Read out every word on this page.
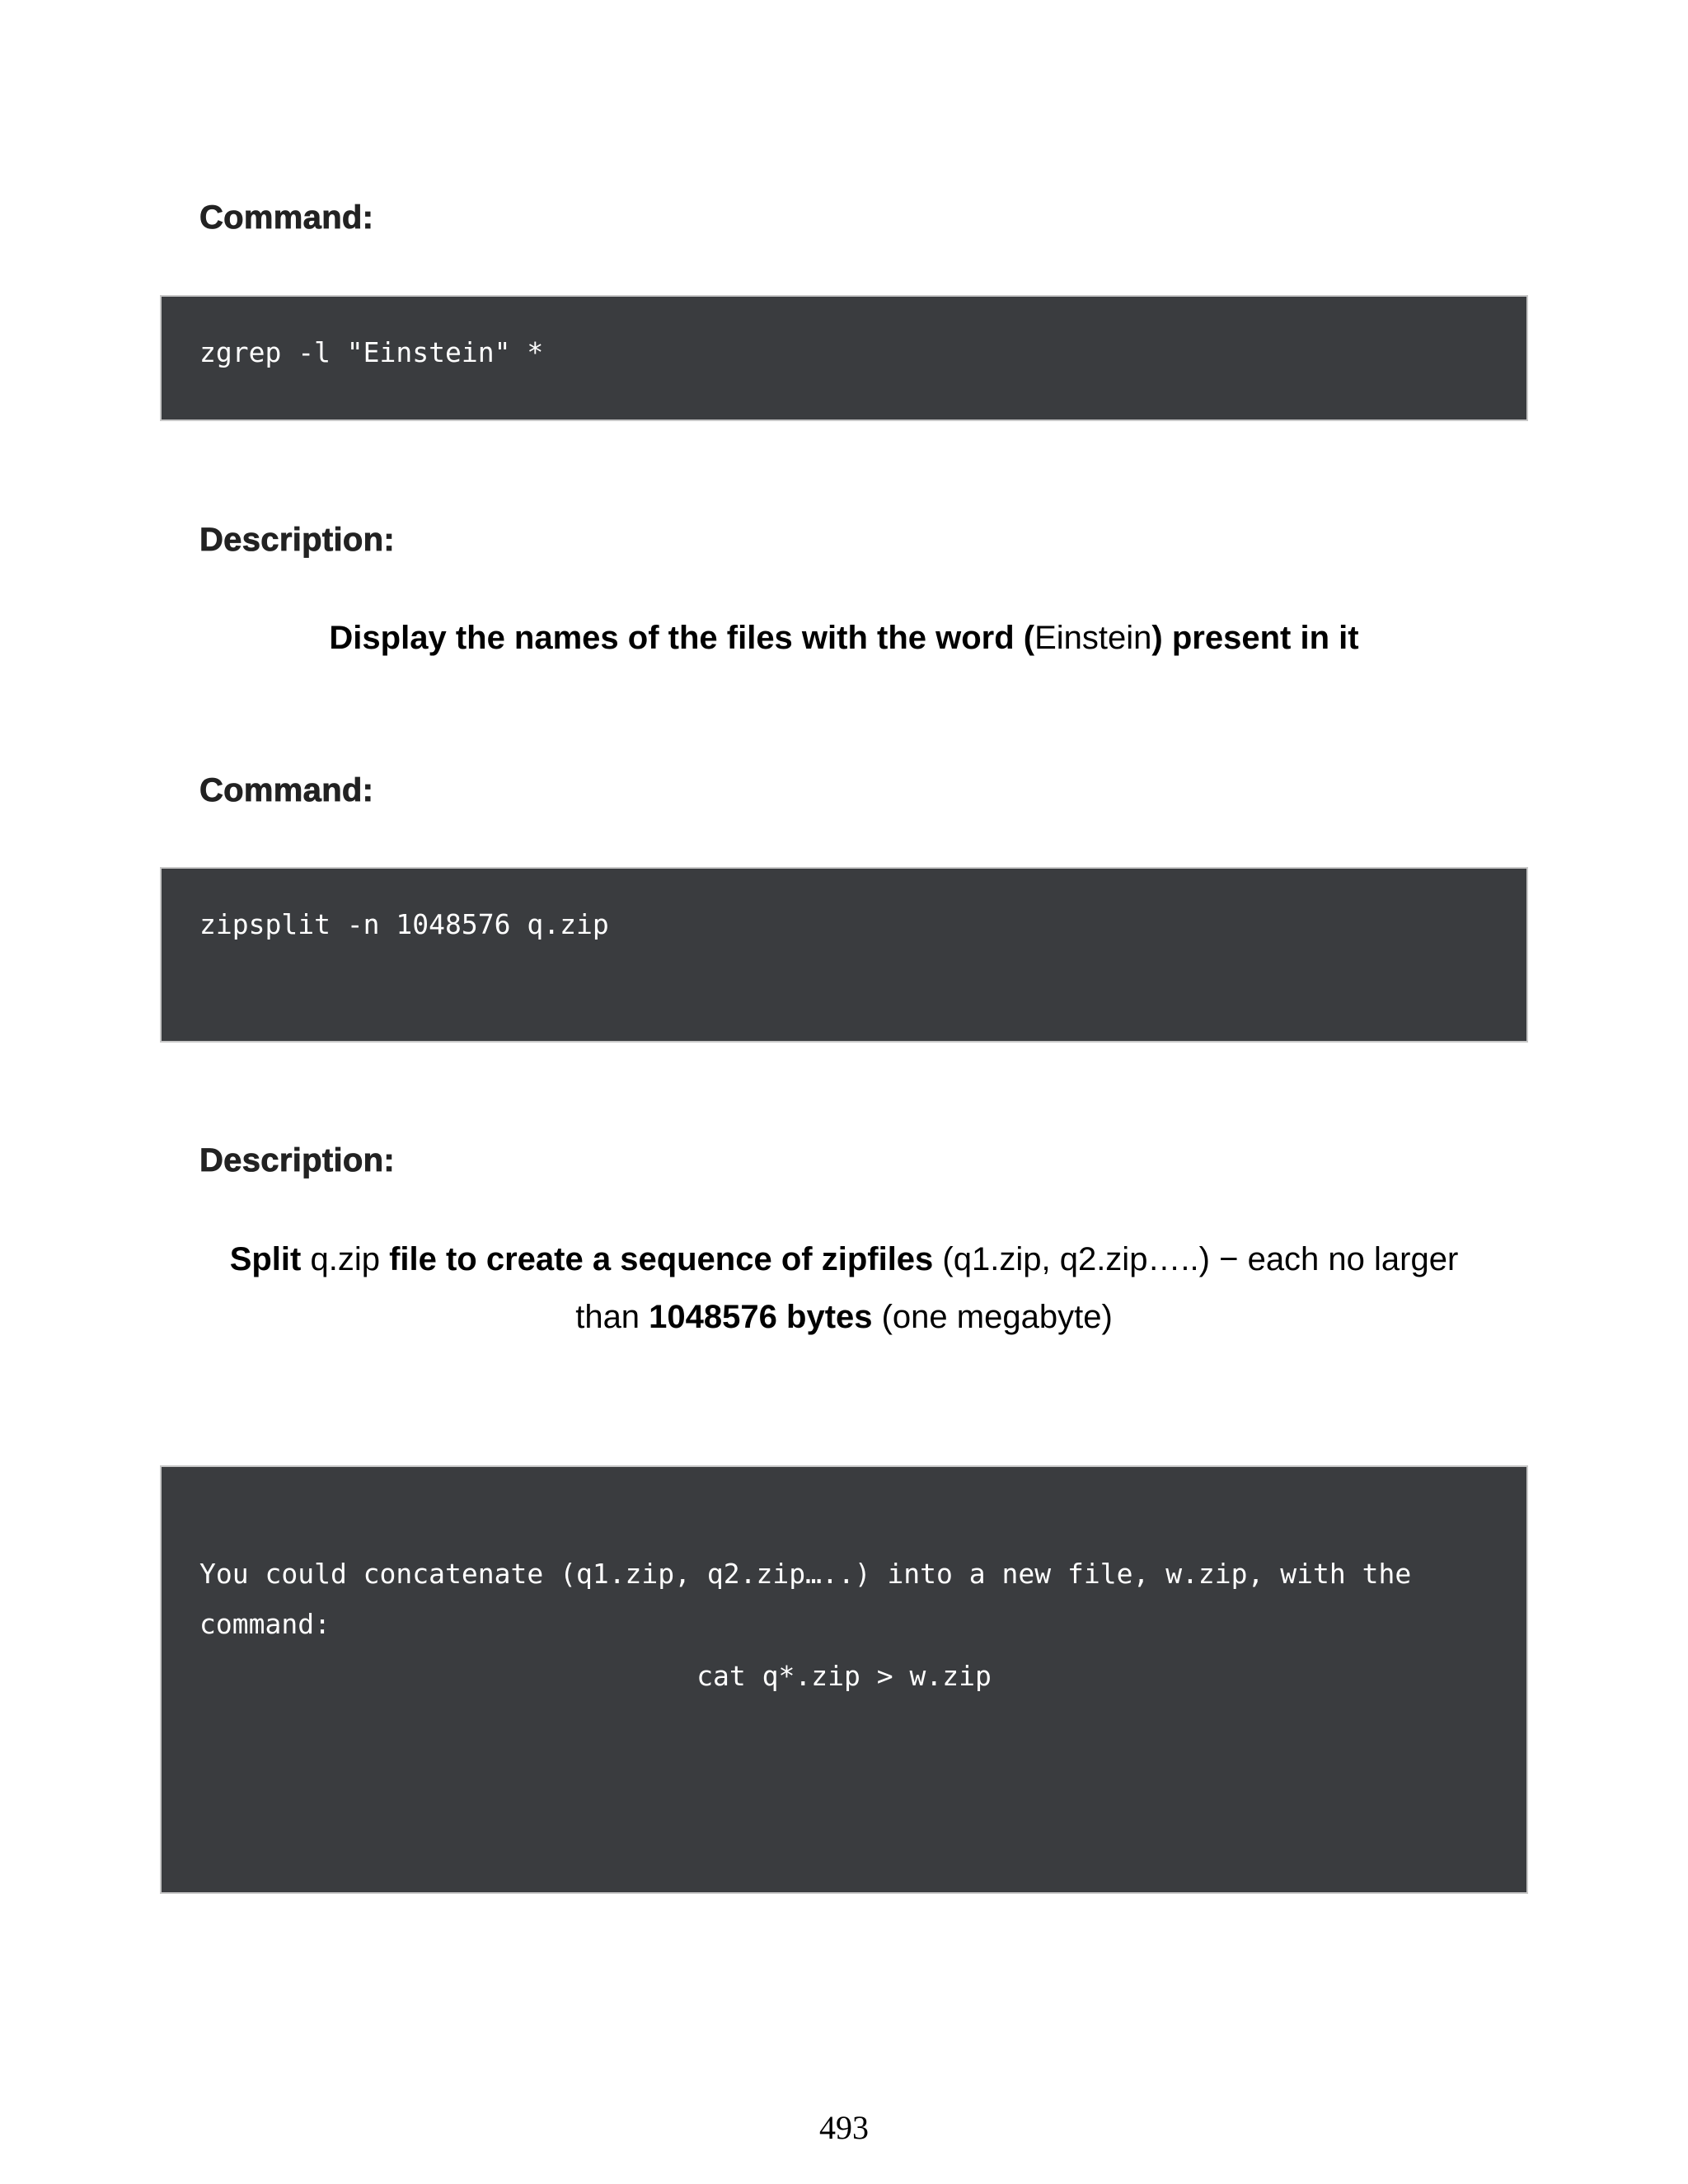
Command:

zgrep -l "Einstein" *

Description:

Display the names of the files with the word (Einstein) present in it

Command:

zipsplit -n 1048576 q.zip

Description:

Split q.zip file to create a sequence of zipfiles (q1.zip, q2.zip…..) − each no larger
than 1048576 bytes (one megabyte)

You could concatenate (q1.zip, q2.zip…..) into a new file, w.zip, with the

command:

cat q*.zip > w.zip

493
